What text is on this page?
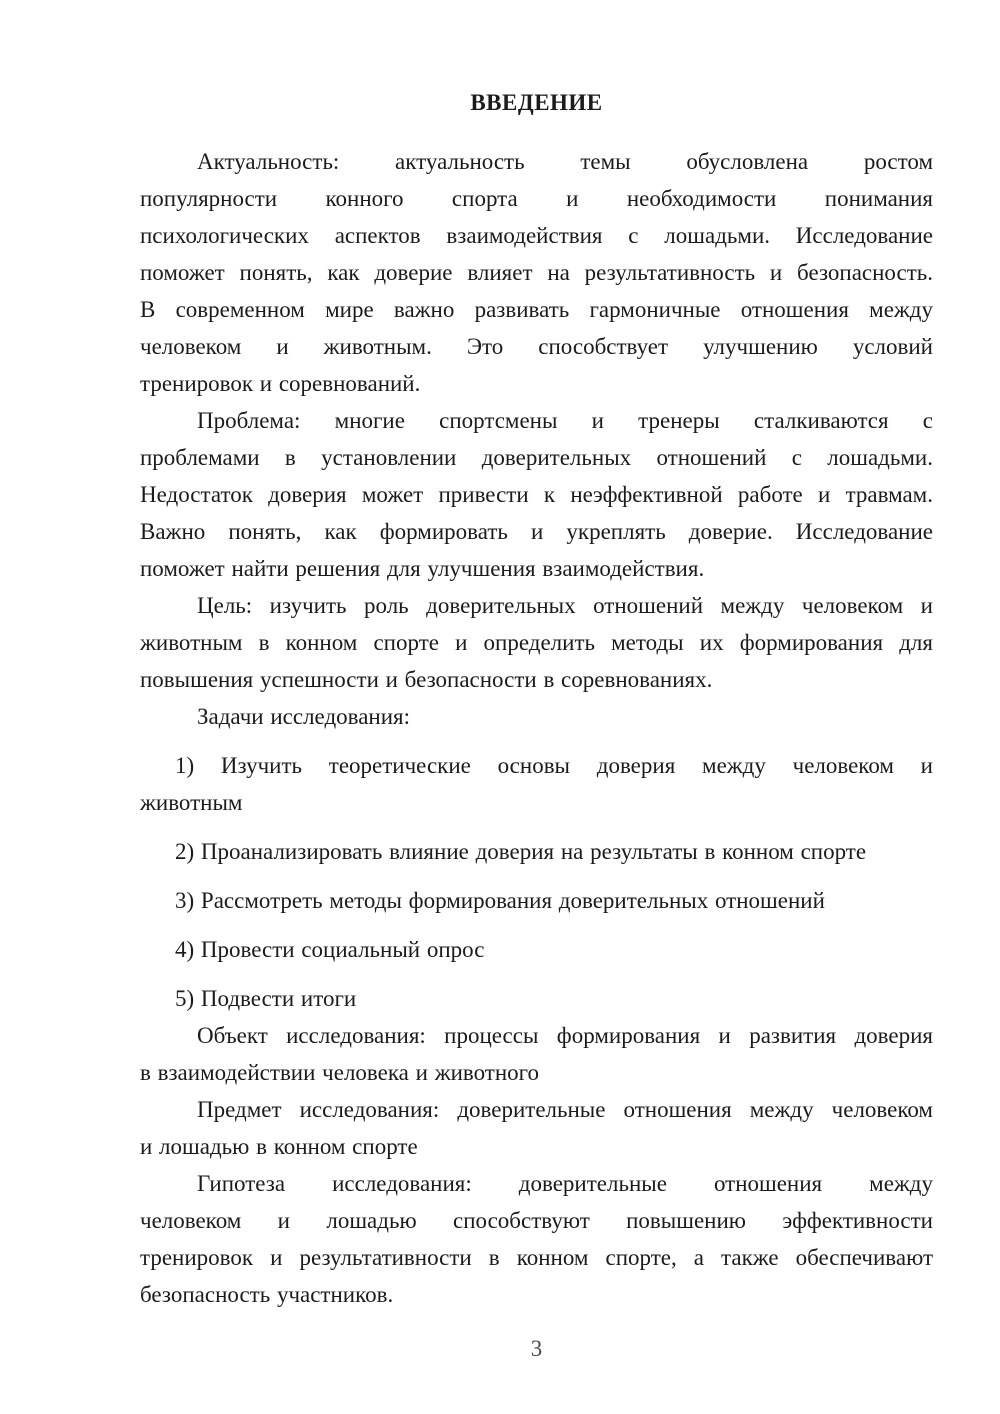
ВВЕДЕНИЕ
Актуальность: актуальность темы обусловлена ростом
популярности конного спорта и необходимости понимания
психологических аспектов взаимодействия с лошадьми. Исследование
поможет понять, как доверие влияет на результативность и безопасность.
В современном мире важно развивать гармоничные отношения между
человеком и животным. Это способствует улучшению условий
тренировок и соревнований.
Проблема: многие спортсмены и тренеры сталкиваются с
проблемами в установлении доверительных отношений с лошадьми.
Недостаток доверия может привести к неэффективной работе и травмам.
Важно понять, как формировать и укреплять доверие. Исследование
поможет найти решения для улучшения взаимодействия.
Цель: изучить роль доверительных отношений между человеком и
животным в конном спорте и определить методы их формирования для
повышения успешности и безопасности в соревнованиях.
Задачи исследования:
1) Изучить теоретические основы доверия между человеком и
животным
2) Проанализировать влияние доверия на результаты в конном спорте
3) Рассмотреть методы формирования доверительных отношений
4) Провести социальный опрос
5) Подвести итоги
Объект исследования: процессы формирования и развития доверия
в взаимодействии человека и животного
Предмет исследования: доверительные отношения между человеком
и лошадью в конном спорте
Гипотеза исследования: доверительные отношения между
человеком и лошадью способствуют повышению эффективности
тренировок и результативности в конном спорте, а также обеспечивают
безопасность участников.
3
